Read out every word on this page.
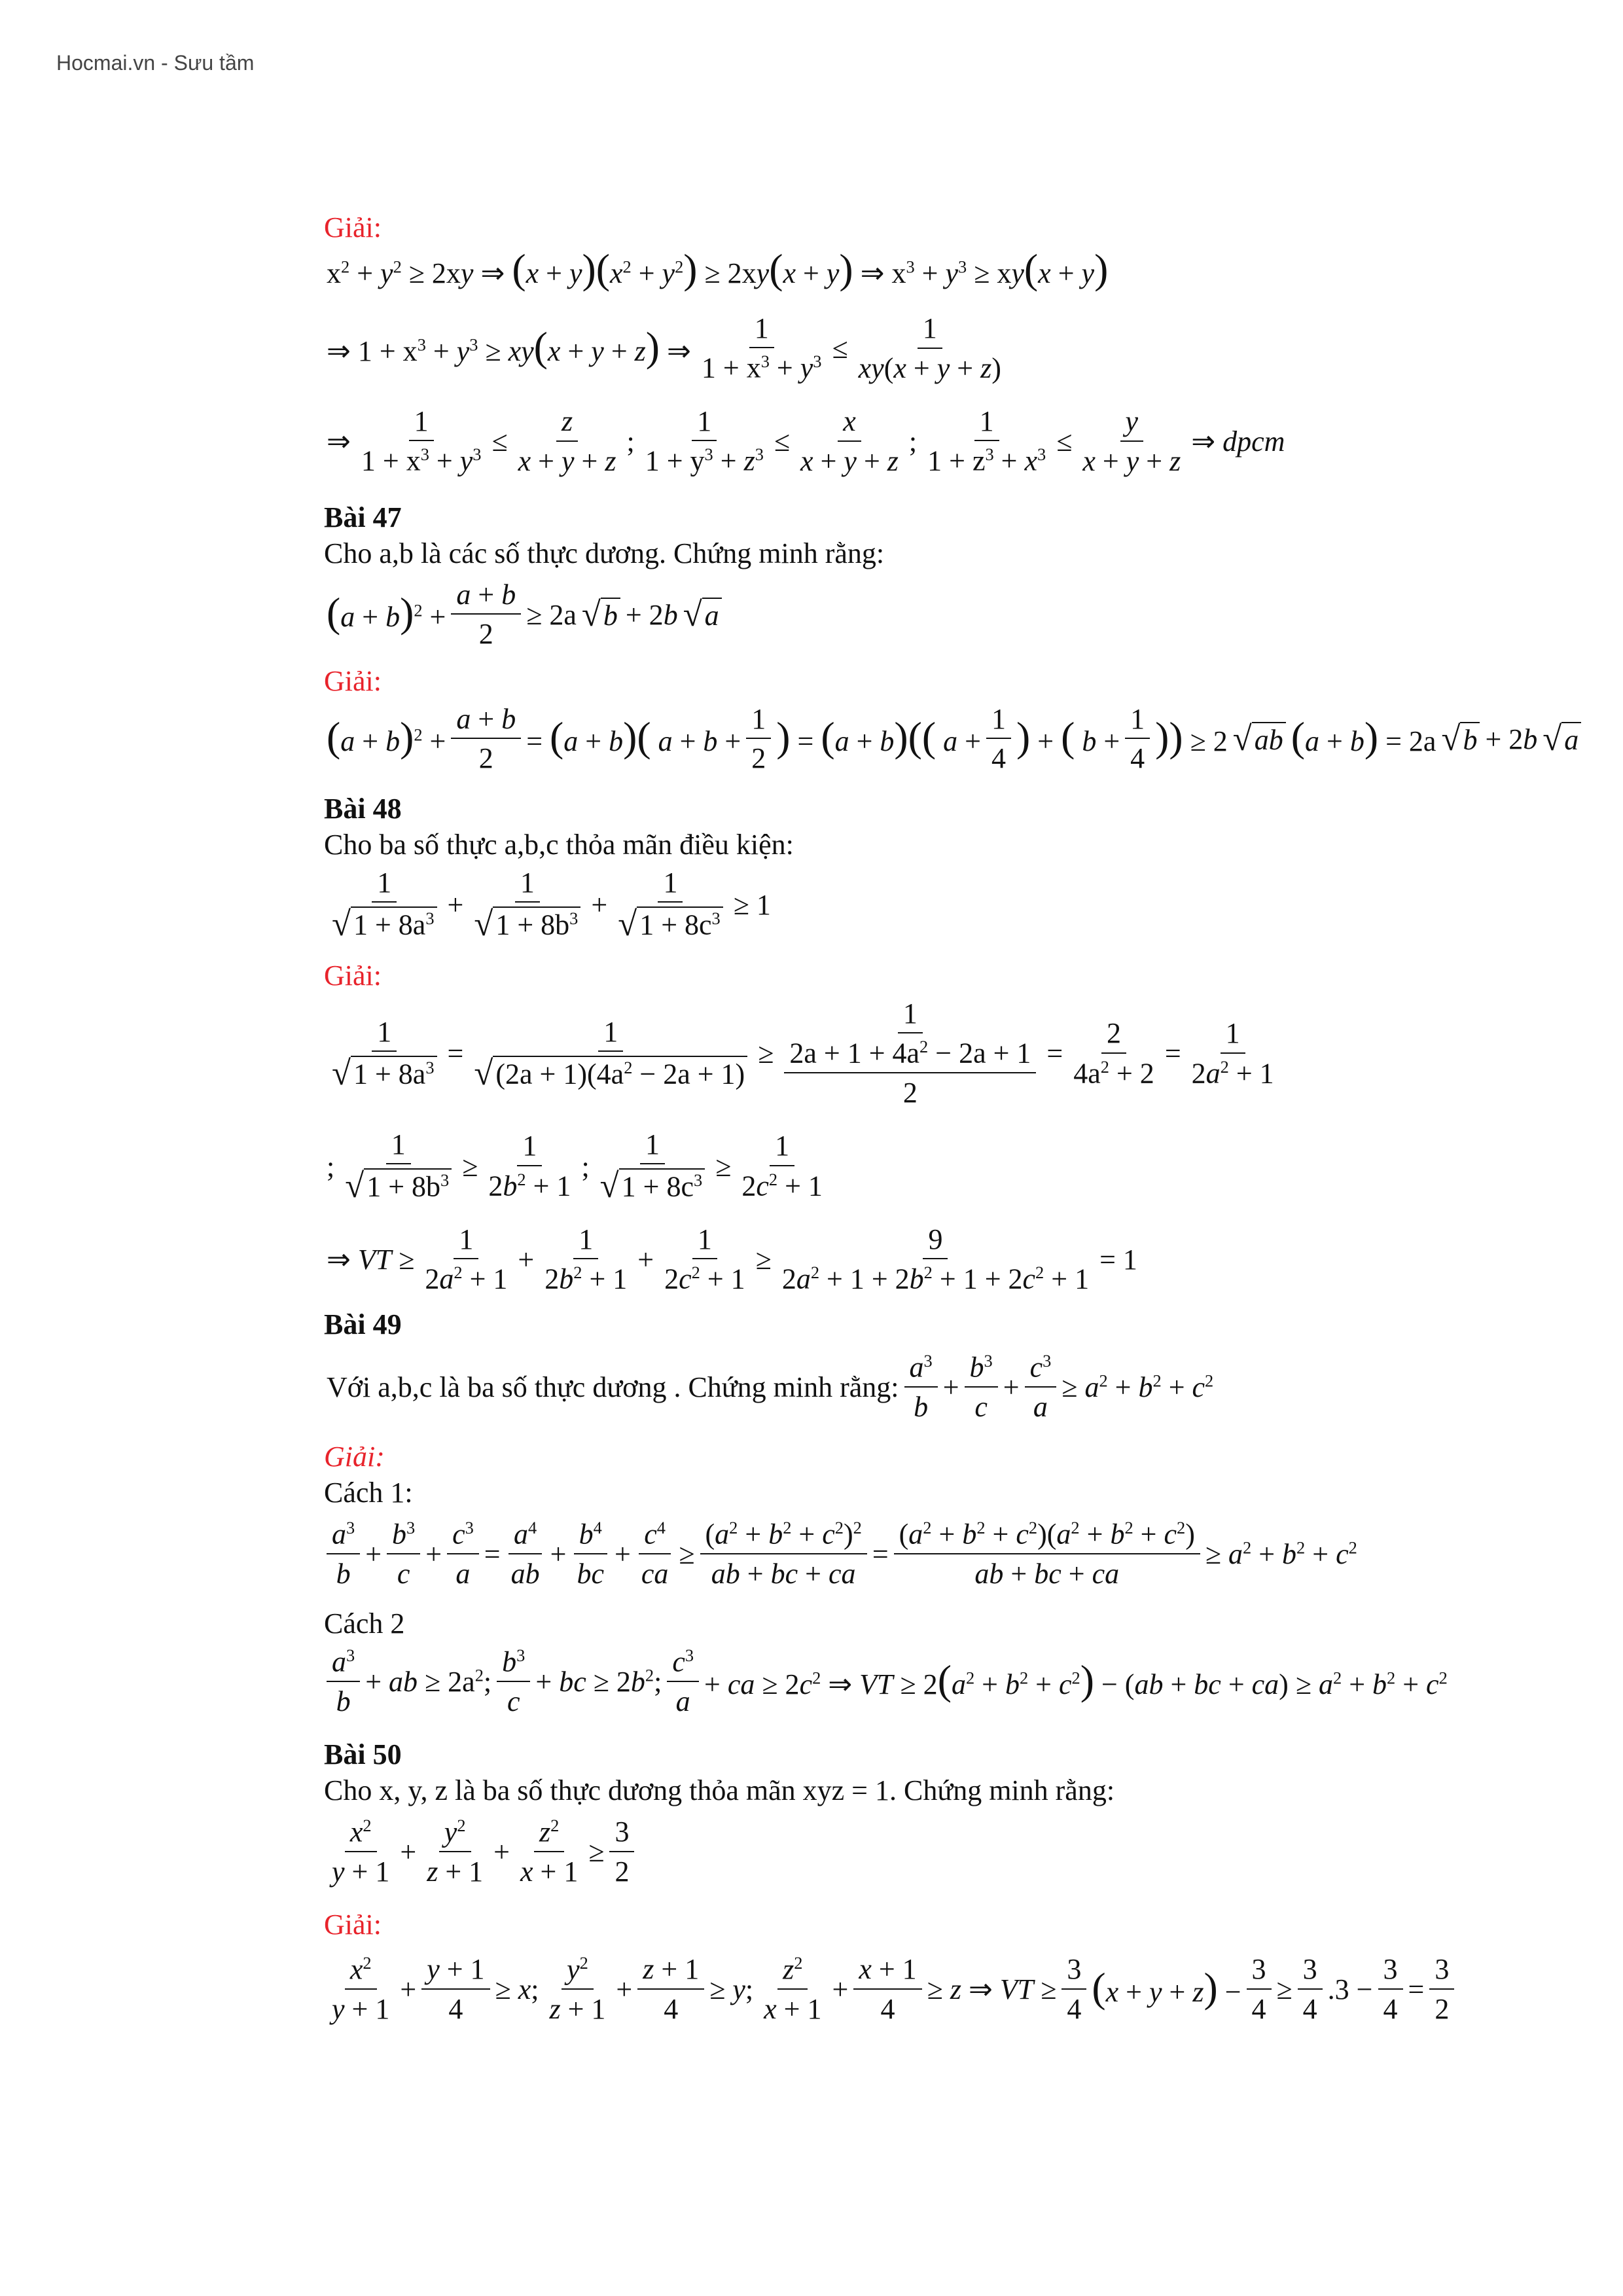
Hocmai.vn - Sưu tầm
Giải:
$x^2 + y^2 \ge 2xy$ ⇒ $(x + y)(x^2 + y^2) \ge 2xy(x + y)$ ⇒ $x^3 + y^3 \ge xy(x + y)$
⇒ $1 + x^3 + y^3 \ge xy(x + y + z)$ ⇒ $\frac{1}{1 + x^3 + y^3} \le \frac{1}{xy(x + y + z)}$
⇒ $\frac{1}{1 + x^3 + y^3} \le \frac{z}{x + y + z}$ ; $\frac{1}{1 + y^3 + z^3} \le \frac{x}{x + y + z}$ ; $\frac{1}{1 + z^3 + x^3} \le \frac{y}{x + y + z}$ ⇒ dpcm
Bài 47
Cho a,b là các số thực dương. Chứng minh rằng:
$(a + b)^2 + \frac{a + b}{2} \ge 2a$ √ b + 2b √ a
Giải:
$(a + b)^2 + \frac{a + b}{2} = (a + b)$( $a + b + \frac{1}{2}$ ) = (a + b)(( $a + \frac{1}{4}$ ) + ( $b + \frac{1}{4}$ )) ≥ 2 √ ab (a + b) = 2a √ b + 2b √ a
Bài 48
Cho ba số thực a,b,c thỏa mãn điều kiện:
$\frac{1}{√ 1 + 8a^3} + \frac{1}{√ 1 + 8b^3} + \frac{1}{√ 1 + 8c^3} \ge 1$
Giải:
$\frac{1}{√ 1 + 8a^3} = \frac{1}{√ (2a + 1)(4a^2 - 2a + 1)} \ge \frac{1}{\frac{2a + 1 + 4a^2 - 2a + 1}{2}} = \frac{2}{4a^2 + 2} = \frac{1}{2a^2 + 1}$
; $\frac{1}{√ 1 + 8b^3} \ge \frac{1}{2b^2 + 1}$ ; $\frac{1}{√ 1 + 8c^3} \ge \frac{1}{2c^2 + 1}$
⇒ VT ≥ $\frac{1}{2a^2 + 1} + \frac{1}{2b^2 + 1} + \frac{1}{2c^2 + 1} \ge \frac{9}{2a^2 + 1 + 2b^2 + 1 + 2c^2 + 1} = 1$
Bài 49
Với a,b,c là ba số thực dương . Chứng minh rằng: $\frac{a^3}{b} + \frac{b^3}{c} + \frac{c^3}{a} \ge a^2 + b^2 + c^2$
Giải:
Cách 1:
$\frac{a^3}{b} + \frac{b^3}{c} + \frac{c^3}{a} = \frac{a^4}{ab} + \frac{b^4}{bc} + \frac{c^4}{ca} \ge \frac{(a^2 + b^2 + c^2)^2}{ab + bc + ca} = \frac{(a^2 + b^2 + c^2)(a^2 + b^2 + c^2)}{ab + bc + ca} \ge a^2 + b^2 + c^2$
Cách 2
$\frac{a^3}{b}$ + ab ≥ $2a^2$; $\frac{b^3}{c}$ + bc ≥ $2b^2$; $\frac{c^3}{a}$ + ca ≥ $2c^2$ ⇒ VT ≥ $2(a^2 + b^2 + c^2) - (ab$ + bc + $ca) \ge a^2 + b^2 + c^2$
Bài 50
Cho x, y, z là ba số thực dương thỏa mãn xyz = 1. Chứng minh rằng:
$\frac{x^2}{y + 1} + \frac{y^2}{z + 1} + \frac{z^2}{x + 1} \ge \frac{3}{2}$
Giải:
$\frac{x^2}{y + 1} + \frac{y + 1}{4} \ge x$; $\frac{y^2}{z + 1} + \frac{z + 1}{4} \ge y$; $\frac{z^2}{x + 1} + \frac{x + 1}{4} \ge z$ ⇒ VT ≥ $\frac{3}{4} (x + y + z) - \frac{3}{4} \ge \frac{3}{4} .3 - \frac{3}{4} = \frac{3}{2}$
